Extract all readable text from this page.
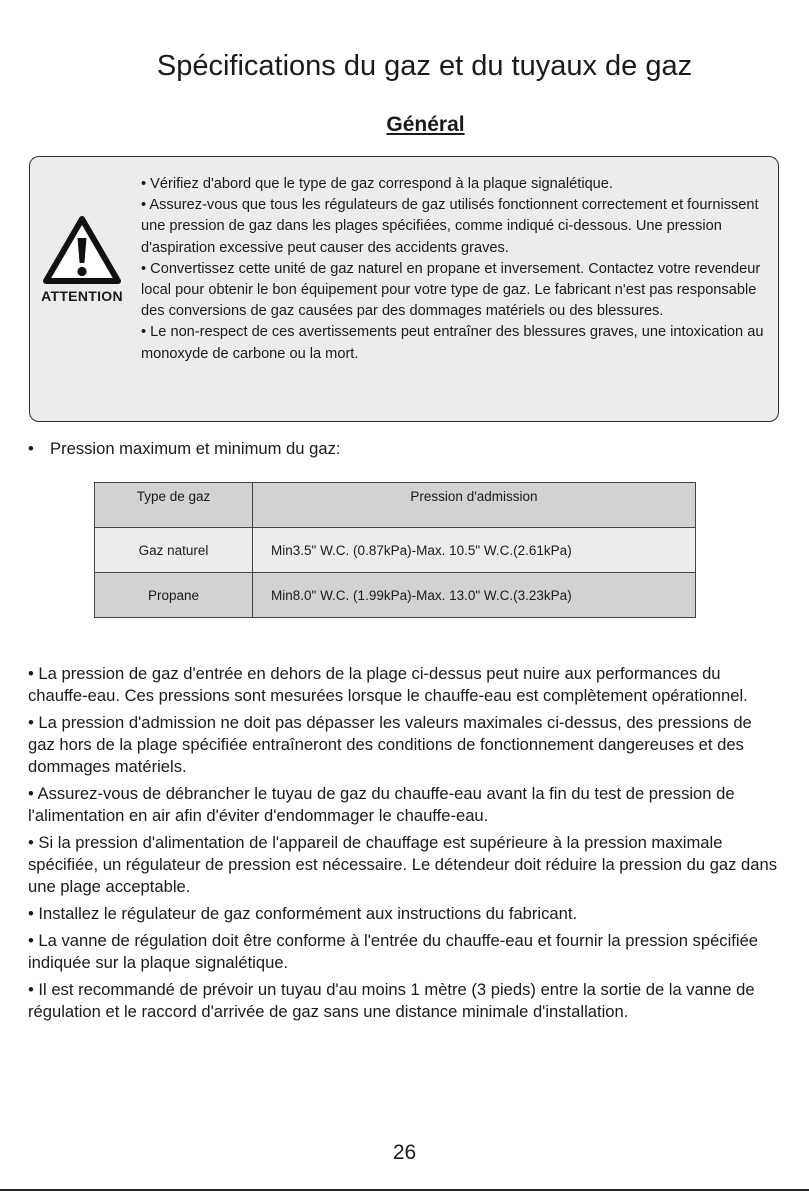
Spécifications du gaz et du tuyaux de gaz
Général
ATTENTION

• Vérifiez d'abord que le type de gaz correspond à la plaque signalétique.

• Assurez-vous que tous les régulateurs de gaz utilisés fonctionnent correctement et fournissent une pression de gaz dans les plages spécifiées, comme indiqué ci-dessous. Une pression d'aspiration excessive peut causer des accidents graves.

• Convertissez cette unité de gaz naturel en propane et inversement. Contactez votre revendeur local pour obtenir le bon équipement pour votre type de gaz. Le fabricant n'est pas responsable des conversions de gaz causées par des dommages matériels ou des blessures.

• Le non-respect de ces avertissements peut entraîner des blessures graves, une intoxication au monoxyde de carbone ou la mort.

• Pression maximum et minimum du gaz:

Type de gaz	Pression d'admission
Gaz naturel	Min3.5" W.C. (0.87kPa)-Max. 10.5" W.C.(2.61kPa)
Propane	Min8.0" W.C. (1.99kPa)-Max. 13.0" W.C.(3.23kPa)

• La pression de gaz d'entrée en dehors de la plage ci-dessus peut nuire aux performances du chauffe-eau. Ces pressions sont mesurées lorsque le chauffe-eau est complètement opérationnel.

• La pression d'admission ne doit pas dépasser les valeurs maximales ci-dessus, des pressions de gaz hors de la plage spécifiée entraîneront des conditions de fonctionnement dangereuses et des dommages matériels.

• Assurez-vous de débrancher le tuyau de gaz du chauffe-eau avant la fin du test de pression de l'alimentation en air afin d'éviter d'endommager le chauffe-eau.

• Si la pression d'alimentation de l'appareil de chauffage est supérieure à la pression maximale spécifiée, un régulateur de pression est nécessaire. Le détendeur doit réduire la pression du gaz dans une plage acceptable.

• Installez le régulateur de gaz conformément aux instructions du fabricant.

• La vanne de régulation doit être conforme à l'entrée du chauffe-eau et fournir la pression spécifiée indiquée sur la plaque signalétique.

• Il est recommandé de prévoir un tuyau d'au moins 1 mètre (3 pieds) entre la sortie de la vanne de régulation et le raccord d'arrivée de gaz sans une distance minimale d'installation.

26
